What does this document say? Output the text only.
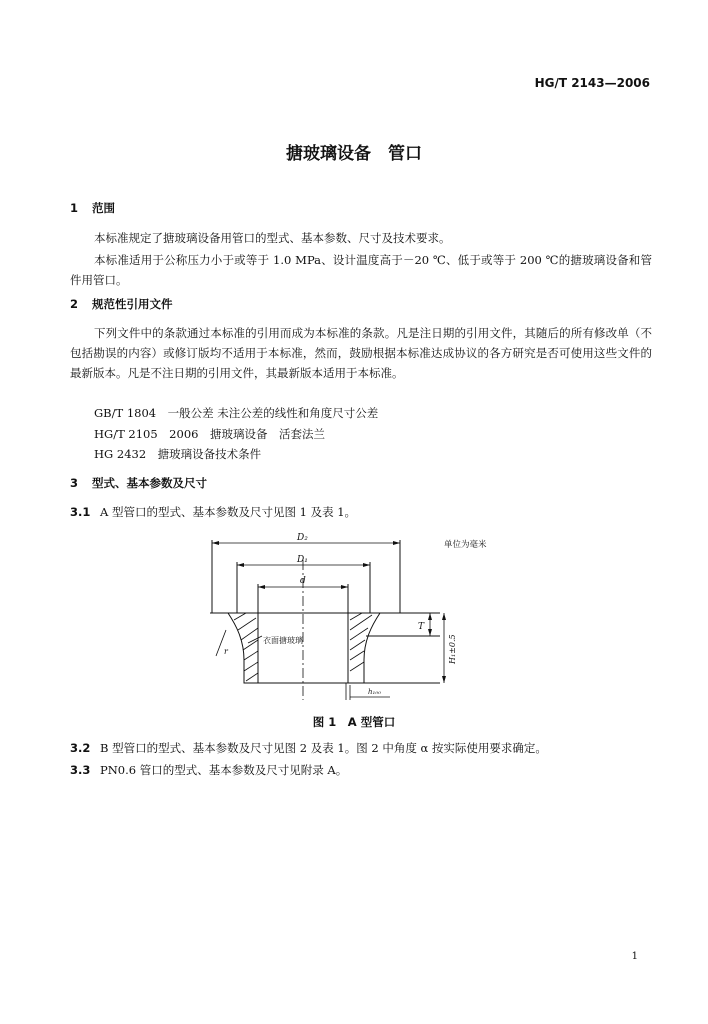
HG/T 2143—2006
搪玻璃设备　管口
1 范围
本标准规定了搪玻璃设备用管口的型式、基本参数、尺寸及技术要求。
本标准适用于公称压力小于或等于 1.0 MPa、设计温度高于－20 ℃、低于或等于 200 ℃的搪玻璃设备和管件用管口。
2 规范性引用文件
下列文件中的条款通过本标准的引用而成为本标准的条款。凡是注日期的引用文件，其随后的所有修改单（不包括勘误的内容）或修订版均不适用于本标准，然而，鼓励根据本标准达成协议的各方研究是否可使用这些文件的最新版本。凡是不注日期的引用文件，其最新版本适用于本标准。
GB/T 1804　一般公差 未注公差的线性和角度尺寸公差
HG/T 2105　2006　搪玻璃设备　活套法兰
HG 2432　搪玻璃设备技术条件
3 型式、基本参数及尺寸
3.1 A 型管口的型式、基本参数及尺寸见图 1 及表 1。
单位为毫米
D₂
D₁
d
T
H₁±0.5
h₁₀₀
r
衣面搪玻璃
图 1　A 型管口
3.2 B 型管口的型式、基本参数及尺寸见图 2 及表 1。图 2 中角度 α 按实际使用要求确定。
3.3 PN0.6 管口的型式、基本参数及尺寸见附录 A。
1
